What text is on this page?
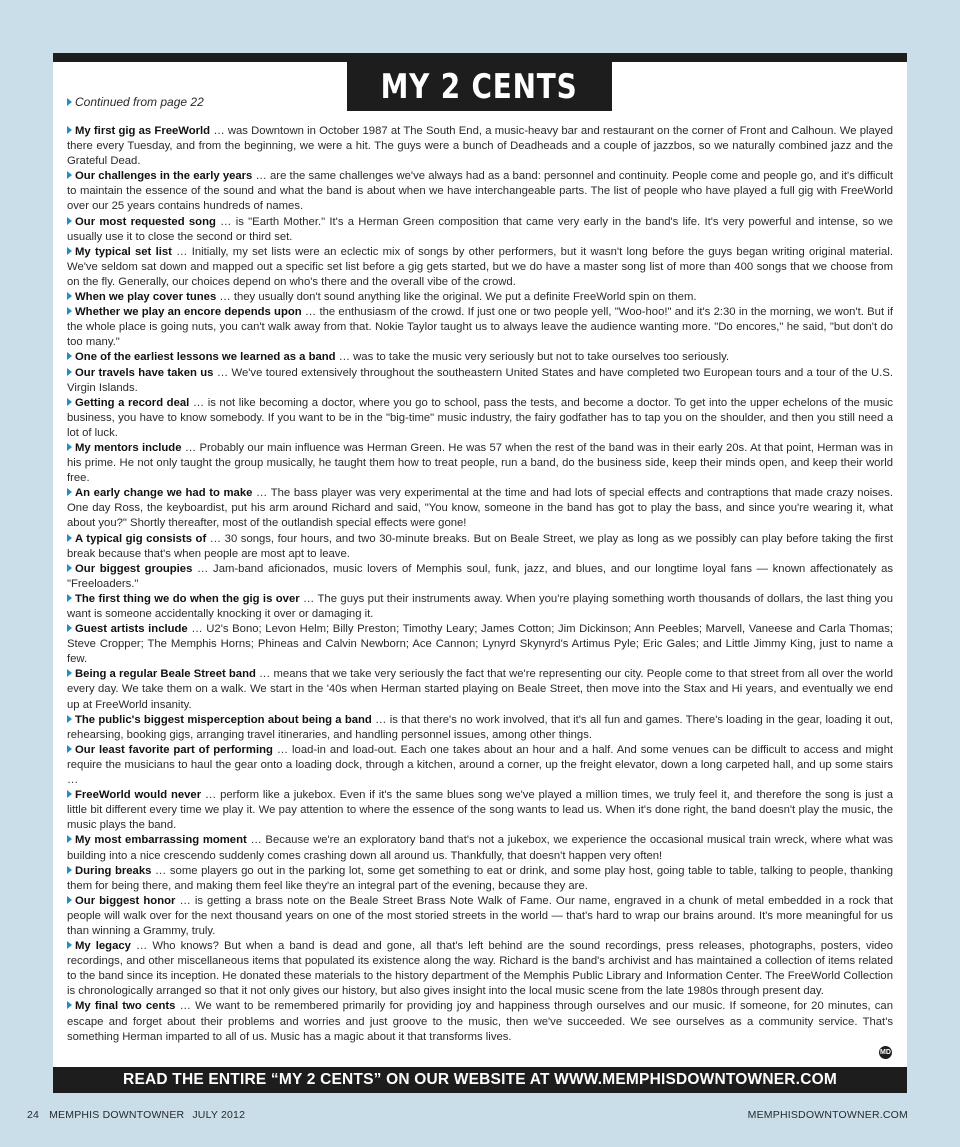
MY 2 CENTS
Continued from page 22

My first gig as FreeWorld … was Downtown in October 1987 at The South End, a music-heavy bar and restaurant on the corner of Front and Calhoun. We played there every Tuesday, and from the beginning, we were a hit. The guys were a bunch of Deadheads and a couple of jazzbos, so we naturally combined jazz and the Grateful Dead.

Our challenges in the early years … are the same challenges we've always had as a band: personnel and continuity. People come and people go, and it's difficult to maintain the essence of the sound and what the band is about when we have interchangeable parts. The list of people who have played a full gig with FreeWorld over our 25 years contains hundreds of names.

Our most requested song … is "Earth Mother." It's a Herman Green composition that came very early in the band's life. It's very powerful and intense, so we usually use it to close the second or third set.

My typical set list … Initially, my set lists were an eclectic mix of songs by other performers, but it wasn't long before the guys began writing original material. We've seldom sat down and mapped out a specific set list before a gig gets started, but we do have a master song list of more than 400 songs that we choose from on the fly. Generally, our choices depend on who's there and the overall vibe of the crowd.

When we play cover tunes … they usually don't sound anything like the original. We put a definite FreeWorld spin on them.

Whether we play an encore depends upon … the enthusiasm of the crowd. If just one or two people yell, "Woo-hoo!" and it's 2:30 in the morning, we won't. But if the whole place is going nuts, you can't walk away from that. Nokie Taylor taught us to always leave the audience wanting more. "Do encores," he said, "but don't do too many."

One of the earliest lessons we learned as a band … was to take the music very seriously but not to take ourselves too seriously.

Our travels have taken us … We've toured extensively throughout the southeastern United States and have completed two European tours and a tour of the U.S. Virgin Islands.

Getting a record deal … is not like becoming a doctor, where you go to school, pass the tests, and become a doctor. To get into the upper echelons of the music business, you have to know somebody. If you want to be in the "big-time" music industry, the fairy godfather has to tap you on the shoulder, and then you still need a lot of luck.

My mentors include … Probably our main influence was Herman Green. He was 57 when the rest of the band was in their early 20s. At that point, Herman was in his prime. He not only taught the group musically, he taught them how to treat people, run a band, do the business side, keep their minds open, and keep their world free.

An early change we had to make … The bass player was very experimental at the time and had lots of special effects and contraptions that made crazy noises. One day Ross, the keyboardist, put his arm around Richard and said, "You know, someone in the band has got to play the bass, and since you're wearing it, what about you?" Shortly thereafter, most of the outlandish special effects were gone!

A typical gig consists of … 30 songs, four hours, and two 30-minute breaks. But on Beale Street, we play as long as we possibly can play before taking the first break because that's when people are most apt to leave.

Our biggest groupies … Jam-band aficionados, music lovers of Memphis soul, funk, jazz, and blues, and our longtime loyal fans — known affectionately as "Freeloaders."

The first thing we do when the gig is over … The guys put their instruments away. When you're playing something worth thousands of dollars, the last thing you want is someone accidentally knocking it over or damaging it.

Guest artists include … U2's Bono; Levon Helm; Billy Preston; Timothy Leary; James Cotton; Jim Dickinson; Ann Peebles; Marvell, Vaneese and Carla Thomas; Steve Cropper; The Memphis Horns; Phineas and Calvin Newborn; Ace Cannon; Lynyrd Skynyrd's Artimus Pyle; Eric Gales; and Little Jimmy King, just to name a few.

Being a regular Beale Street band … means that we take very seriously the fact that we're representing our city. People come to that street from all over the world every day. We take them on a walk. We start in the '40s when Herman started playing on Beale Street, then move into the Stax and Hi years, and eventually we end up at FreeWorld insanity.

The public's biggest misperception about being a band … is that there's no work involved, that it's all fun and games. There's loading in the gear, loading it out, rehearsing, booking gigs, arranging travel itineraries, and handling personnel issues, among other things.

Our least favorite part of performing … load-in and load-out. Each one takes about an hour and a half. And some venues can be difficult to access and might require the musicians to haul the gear onto a loading dock, through a kitchen, around a corner, up the freight elevator, down a long carpeted hall, and up some stairs …

FreeWorld would never … perform like a jukebox. Even if it's the same blues song we've played a million times, we truly feel it, and therefore the song is just a little bit different every time we play it. We pay attention to where the essence of the song wants to lead us. When it's done right, the band doesn't play the music, the music plays the band.

My most embarrassing moment … Because we're an exploratory band that's not a jukebox, we experience the occasional musical train wreck, where what was building into a nice crescendo suddenly comes crashing down all around us. Thankfully, that doesn't happen very often!

During breaks … some players go out in the parking lot, some get something to eat or drink, and some play host, going table to table, talking to people, thanking them for being there, and making them feel like they're an integral part of the evening, because they are.

Our biggest honor … is getting a brass note on the Beale Street Brass Note Walk of Fame. Our name, engraved in a chunk of metal embedded in a rock that people will walk over for the next thousand years on one of the most storied streets in the world — that's hard to wrap our brains around. It's more meaningful for us than winning a Grammy, truly.

My legacy … Who knows? But when a band is dead and gone, all that's left behind are the sound recordings, press releases, photographs, posters, video recordings, and other miscellaneous items that populated its existence along the way. Richard is the band's archivist and has maintained a collection of items related to the band since its inception. He donated these materials to the history department of the Memphis Public Library and Information Center. The FreeWorld Collection is chronologically arranged so that it not only gives our history, but also gives insight into the local music scene from the late 1980s through present day.

My final two cents … We want to be remembered primarily for providing joy and happiness through ourselves and our music. If someone, for 20 minutes, can escape and forget about their problems and worries and just groove to the music, then we've succeeded. We see ourselves as a community service. That's something Herman imparted to all of us. Music has a magic about it that transforms lives.

MD
READ THE ENTIRE “MY 2 CENTS” ON OUR WEBSITE AT WWW.MEMPHISDOWNTOWNER.COM
24 MEMPHIS DOWNTOWNER JULY 2012	MEMPHISDOWNTOWNER.COM
